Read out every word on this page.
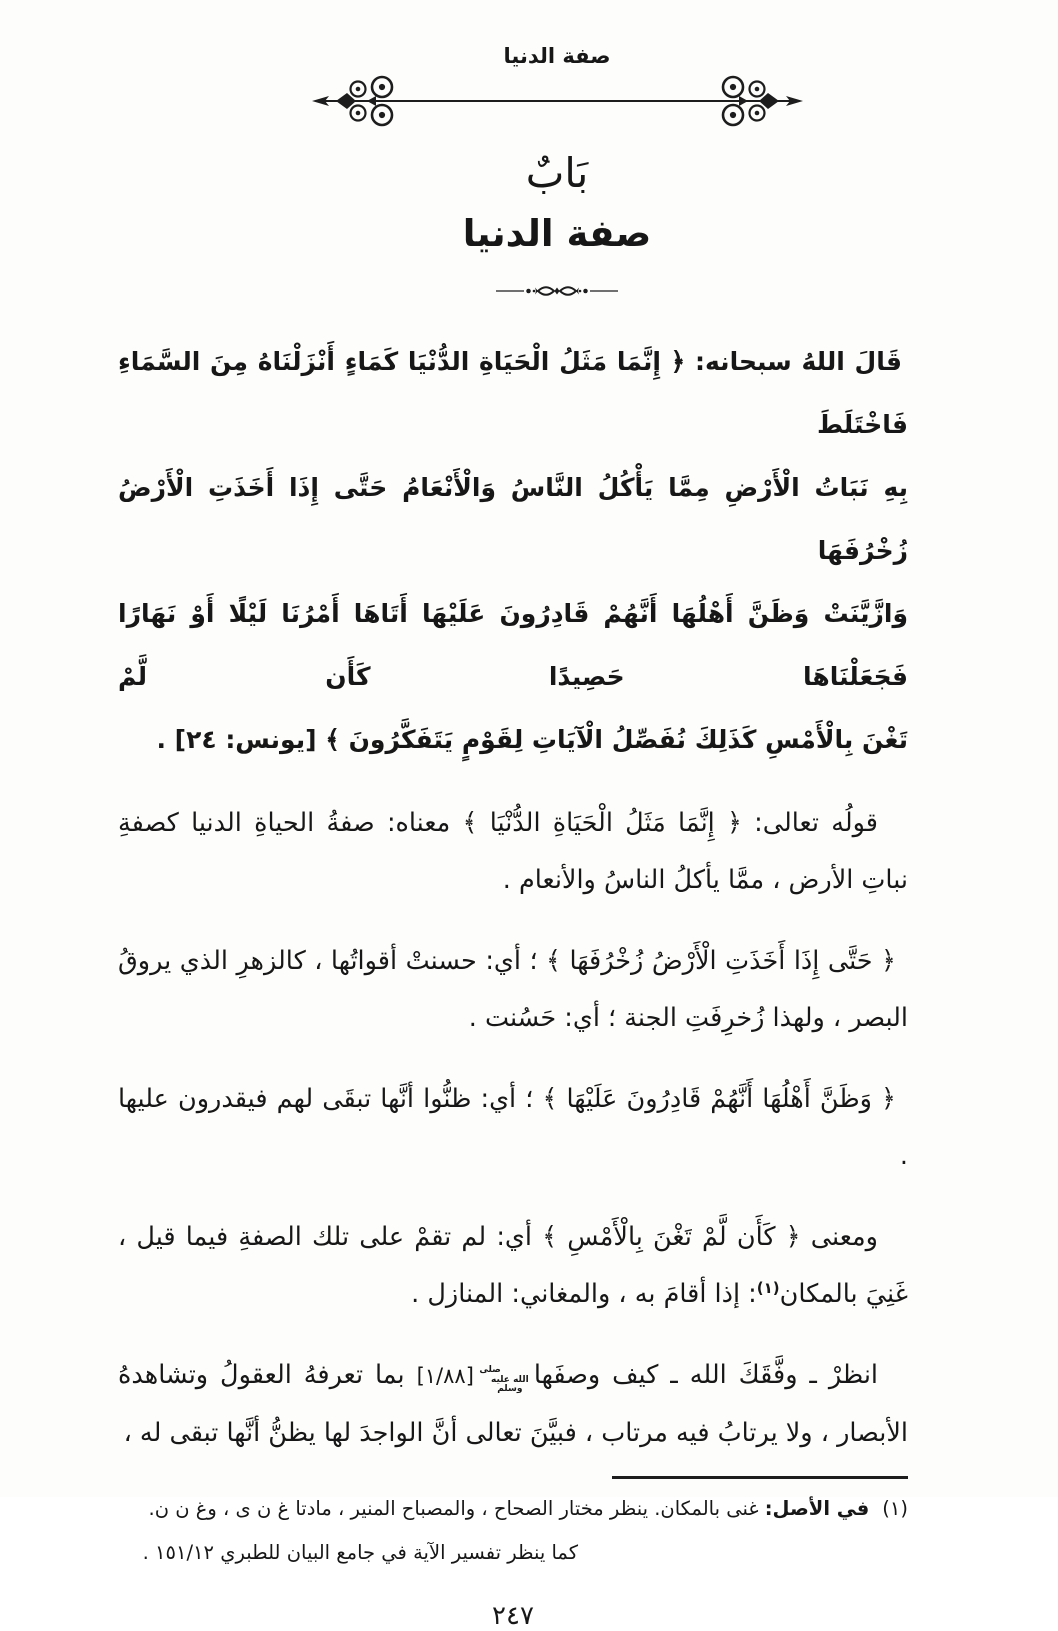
صفة الدنيا
بَابٌ
صفة الدنيا
قَالَ اللهُ سبحانه: ﴿ إِنَّمَا مَثَلُ الْحَيَاةِ الدُّنْيَا كَمَاءٍ أَنْزَلْنَاهُ مِنَ السَّمَاءِ فَاخْتَلَطَ
بِهِ نَبَاتُ الْأَرْضِ مِمَّا يَأْكُلُ النَّاسُ وَالْأَنْعَامُ حَتَّى إِذَا أَخَذَتِ الْأَرْضُ زُخْرُفَهَا
وَازَّيَّنَتْ وَظَنَّ أَهْلُهَا أَنَّهُمْ قَادِرُونَ عَلَيْهَا أَتَاهَا أَمْرُنَا لَيْلًا أَوْ نَهَارًا فَجَعَلْنَاهَا حَصِيدًا كَأَن لَّمْ
تَغْنَ بِالْأَمْسِ كَذَلِكَ نُفَصِّلُ الْآيَاتِ لِقَوْمٍ يَتَفَكَّرُونَ ﴾ [يونس: ٢٤] .
قولُه تعالى: ﴿ إِنَّمَا مَثَلُ الْحَيَاةِ الدُّنْيَا ﴾ معناه: صفةُ الحياةِ الدنيا كصفةِ نباتِ الأرض ، ممَّا يأكلُ الناسُ والأنعام .
﴿ حَتَّى إِذَا أَخَذَتِ الْأَرْضُ زُخْرُفَهَا ﴾ ؛ أي: حسنتْ أقواتُها ، كالزهرِ الذي يروقُ البصر ، ولهذا زُخرِفَتِ الجنة ؛ أي: حَسُنت .
﴿ وَظَنَّ أَهْلُهَا أَنَّهُمْ قَادِرُونَ عَلَيْهَا ﴾ ؛ أي: ظنُّوا أنَّها تبقَى لهم فيقدرون عليها .
ومعنى ﴿ كَأَن لَّمْ تَغْنَ بِالْأَمْسِ ﴾ أي: لم تقمْ على تلك الصفةِ فيما قيل ، غَنِيَ بالمكان$^{(١)}$: إذا أقامَ به ، والمغاني: المنازل .
انظرْ ـ وفَّقَكَ الله ـ كيف وصفَهاصلى الله عليه وسلم [١/٨٨] بما تعرفهُ العقولُ وتشاهدهُ الأبصار ، ولا يرتابُ فيه مرتاب ، فبيَّنَ تعالى أنَّ الواجدَ لها يظنُّ أنَّها تبقى له ،
(١)
في الأصل: غنى بالمكان. ينظر مختار الصحاح ، والمصباح المنير ، مادتا غ ن ى ، وغ ن ن.
كما ينظر تفسير الآية في جامع البيان للطبري ١٥١/١٢ .
٢٤٧
